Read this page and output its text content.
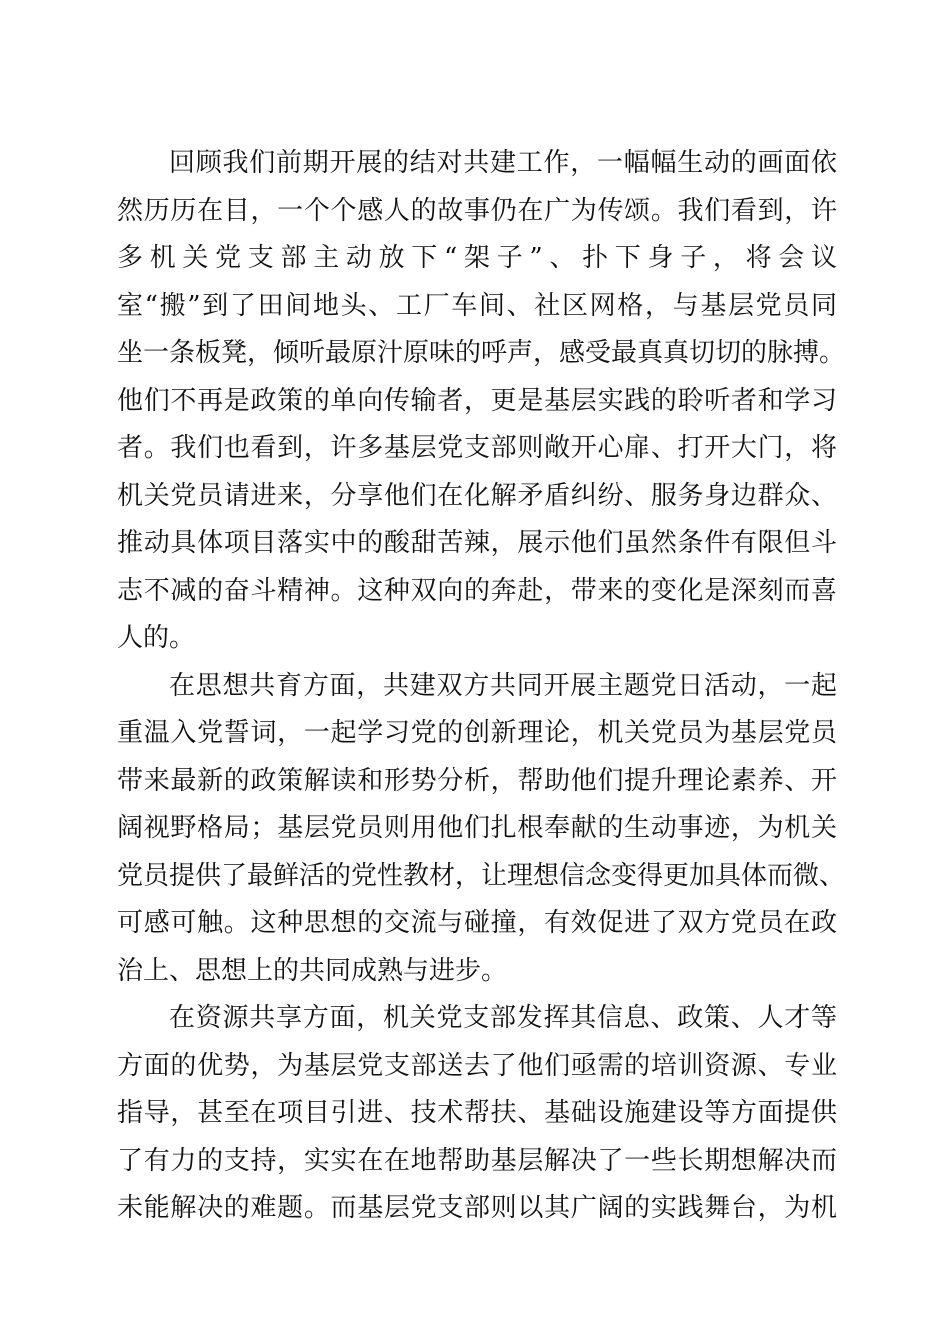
回顾我们前期开展的结对共建工作，一幅幅生动的画面依
然历历在目，一个个感人的故事仍在广为传颂。我们看到，许
多机关党支部主动放下“架子”、扑下身子，将会议
室“搬”到了田间地头、工厂车间、社区网格，与基层党员同
坐一条板凳，倾听最原汁原味的呼声，感受最真真切切的脉搏。
他们不再是政策的单向传输者，更是基层实践的聆听者和学习
者。我们也看到，许多基层党支部则敞开心扉、打开大门，将
机关党员请进来，分享他们在化解矛盾纠纷、服务身边群众、
推动具体项目落实中的酸甜苦辣，展示他们虽然条件有限但斗
志不减的奋斗精神。这种双向的奔赴，带来的变化是深刻而喜
人的。
在思想共育方面，共建双方共同开展主题党日活动，一起
重温入党誓词，一起学习党的创新理论，机关党员为基层党员
带来最新的政策解读和形势分析，帮助他们提升理论素养、开
阔视野格局；基层党员则用他们扎根奉献的生动事迹，为机关
党员提供了最鲜活的党性教材，让理想信念变得更加具体而微、
可感可触。这种思想的交流与碰撞，有效促进了双方党员在政
治上、思想上的共同成熟与进步。
在资源共享方面，机关党支部发挥其信息、政策、人才等
方面的优势，为基层党支部送去了他们亟需的培训资源、专业
指导，甚至在项目引进、技术帮扶、基础设施建设等方面提供
了有力的支持，实实在在地帮助基层解决了一些长期想解决而
未能解决的难题。而基层党支部则以其广阔的实践舞台，为机
